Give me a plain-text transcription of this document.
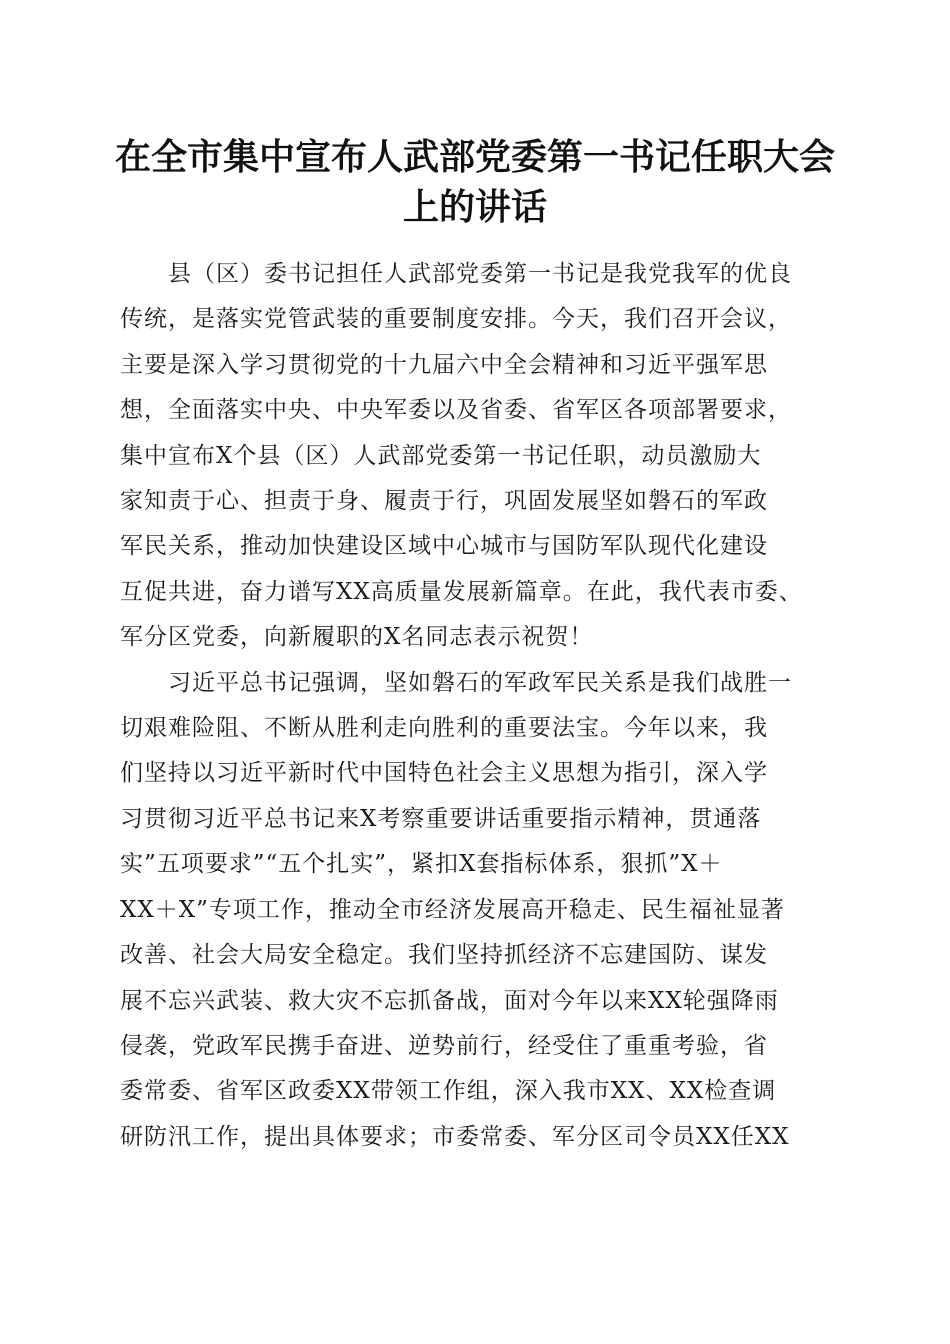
在全市集中宣布人武部党委第一书记任职大会
上的讲话

　　县（区）委书记担任人武部党委第一书记是我党我军的优良
传统，是落实党管武装的重要制度安排。今天，我们召开会议，
主要是深入学习贯彻党的十九届六中全会精神和习近平强军思
想，全面落实中央、中央军委以及省委、省军区各项部署要求，
集中宣布X个县（区）人武部党委第一书记任职，动员激励大
家知责于心、担责于身、履责于行，巩固发展坚如磐石的军政
军民关系，推动加快建设区域中心城市与国防军队现代化建设
互促共进，奋力谱写XX高质量发展新篇章。在此，我代表市委、
军分区党委，向新履职的X名同志表示祝贺！

　　习近平总书记强调，坚如磐石的军政军民关系是我们战胜一
切艰难险阻、不断从胜利走向胜利的重要法宝。今年以来，我
们坚持以习近平新时代中国特色社会主义思想为指引，深入学
习贯彻习近平总书记来X考察重要讲话重要指示精神，贯通落
实”五项要求”“五个扎实”，紧扣X套指标体系，狠抓”X＋
XX＋X”专项工作，推动全市经济发展高开稳走、民生福祉显著
改善、社会大局安全稳定。我们坚持抓经济不忘建国防、谋发
展不忘兴武装、救大灾不忘抓备战，面对今年以来XX轮强降雨
侵袭，党政军民携手奋进、逆势前行，经受住了重重考验，省
委常委、省军区政委XX带领工作组，深入我市XX、XX检查调
研防汛工作，提出具体要求；市委常委、军分区司令员XX任XX
